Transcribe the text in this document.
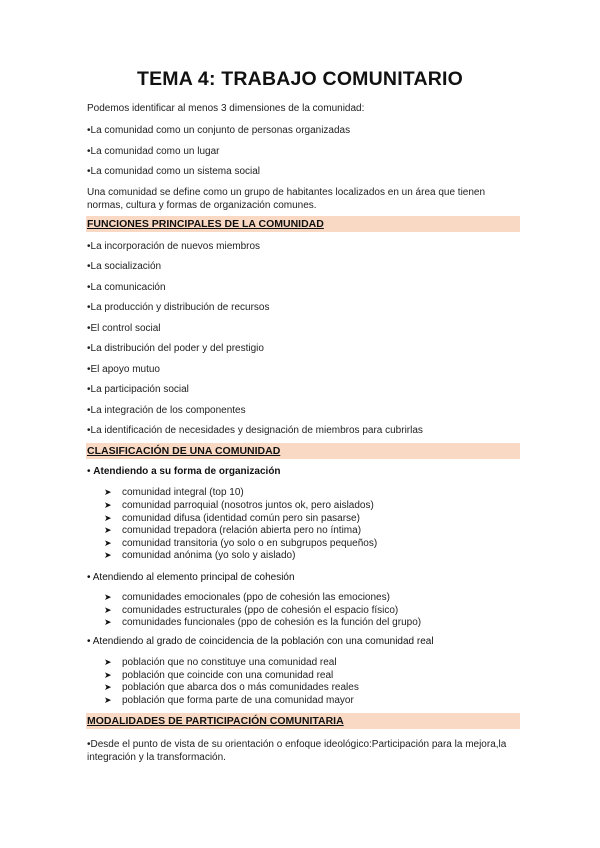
TEMA 4: TRABAJO COMUNITARIO
Podemos identificar al menos 3 dimensiones de la comunidad:
•La comunidad como un conjunto de personas organizadas
•La comunidad como un lugar
•La comunidad como un sistema social
Una comunidad se define como un grupo de habitantes localizados en un área que tienen
normas, cultura y formas de organización comunes.
FUNCIONES PRINCIPALES DE LA COMUNIDAD
•La incorporación de nuevos miembros
•La socialización
•La comunicación
•La producción y distribución de recursos
•El control social
•La distribución del poder y del prestigio
•El apoyo mutuo
•La participación social
•La integración de los componentes
•La identificación de necesidades y designación de miembros para cubrirlas
CLASIFICACIÓN DE UNA COMUNIDAD
• Atendiendo a su forma de organización
➤ comunidad integral (top 10)
➤ comunidad parroquial (nosotros juntos ok, pero aislados)
➤ comunidad difusa (identidad común pero sin pasarse)
➤ comunidad trepadora (relación abierta pero no íntima)
➤ comunidad transitoria (yo solo o en subgrupos pequeños)
➤ comunidad anónima (yo solo y aislado)
• Atendiendo al elemento principal de cohesión
➤ comunidades emocionales (ppo de cohesión las emociones)
➤ comunidades estructurales (ppo de cohesión el espacio físico)
➤ comunidades funcionales (ppo de cohesión es la función del grupo)
• Atendiendo al grado de coincidencia de la población con una comunidad real
➤ población que no constituye una comunidad real
➤ población que coincide con una comunidad real
➤ población que abarca dos o más comunidades reales
➤ población que forma parte de una comunidad mayor
MODALIDADES DE PARTICIPACIÓN COMUNITARIA
•Desde el punto de vista de su orientación o enfoque ideológico:Participación para la mejora,la
integración y la transformación.
